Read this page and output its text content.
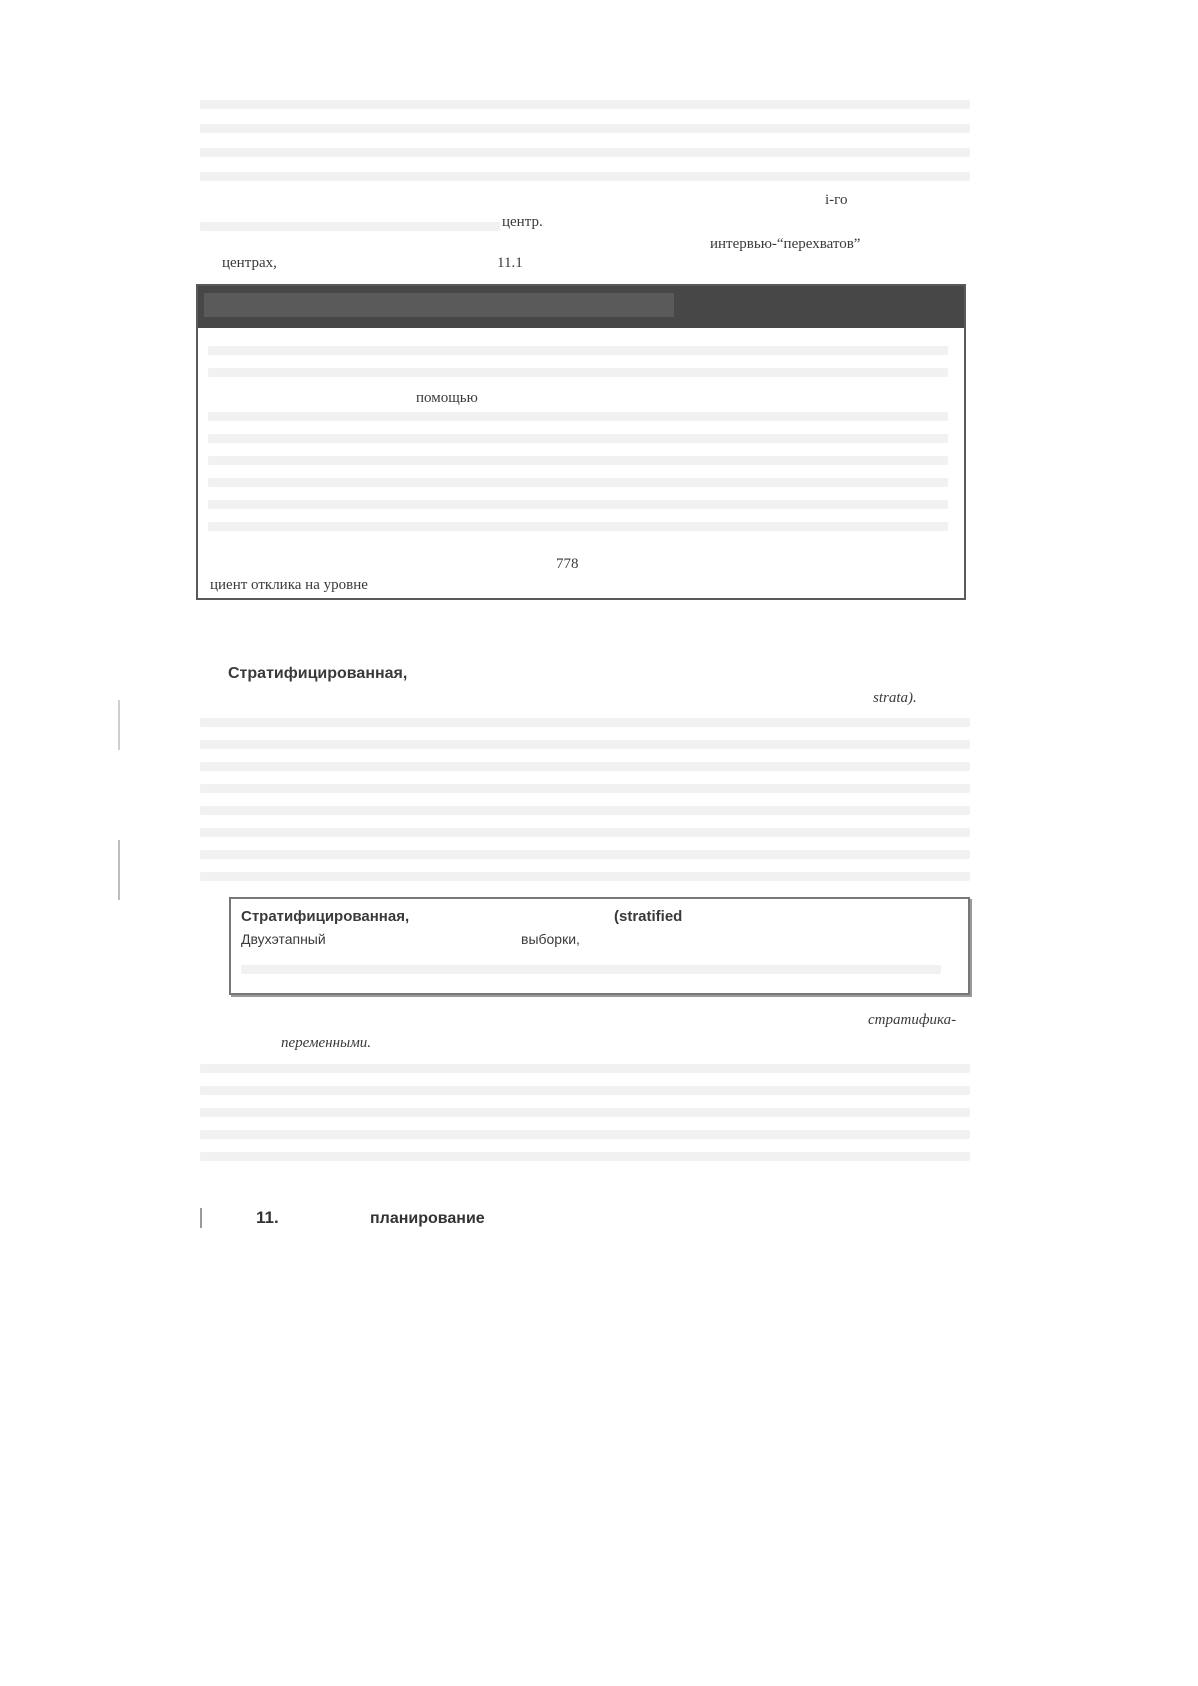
i-го
центр.
интервью-“перехватов”
центрах,	11.1
помощью
778
циент отклика на уровне
Стратифицированная,
strata).
Стратифицированная,	(stratified
Двухэтапный	выборки,
стратифика-
переменными.
11.	планирование
